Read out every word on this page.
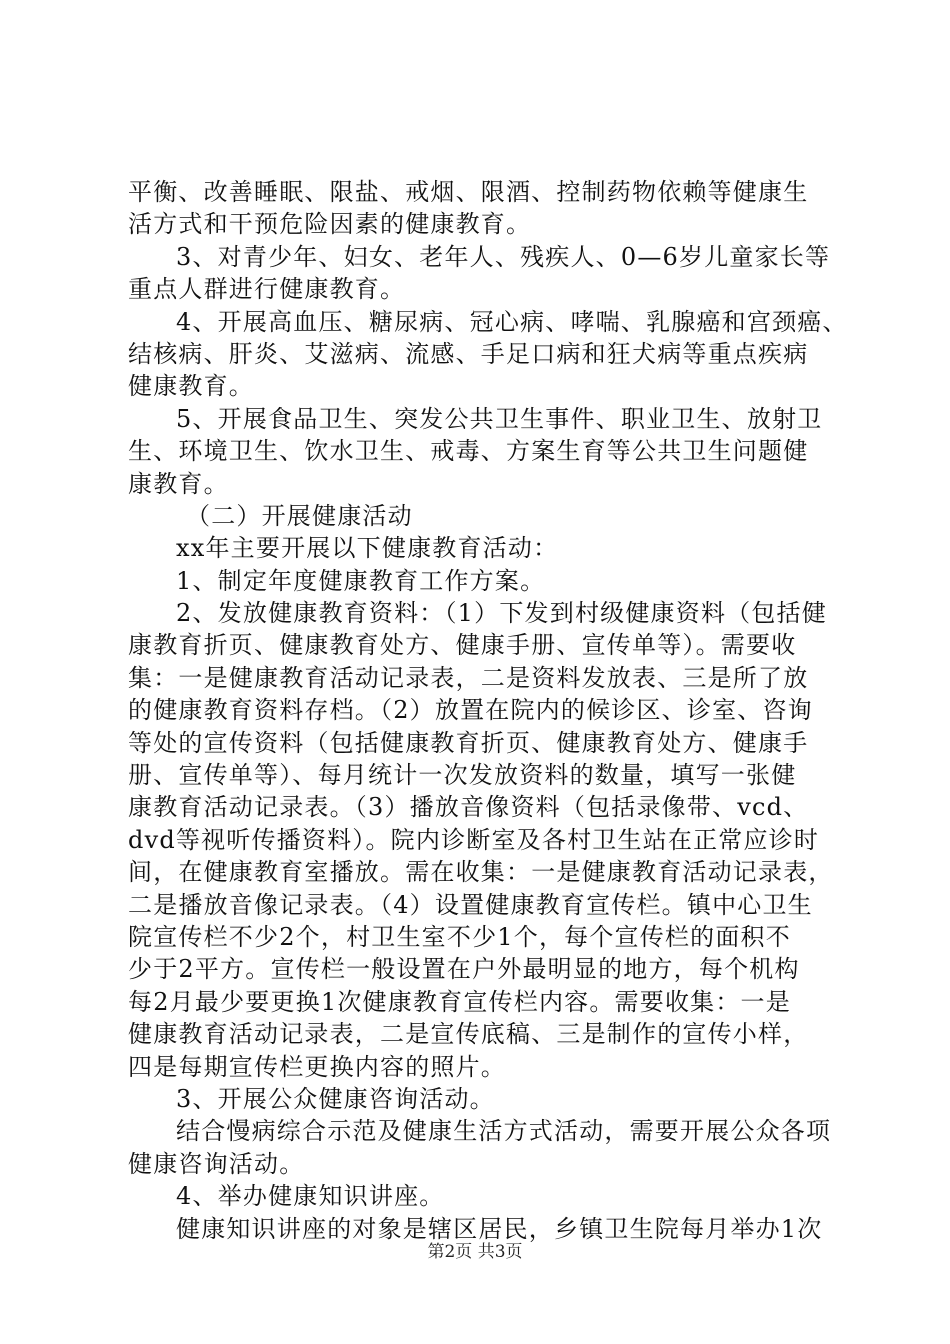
平衡、改善睡眠、限盐、戒烟、限酒、控制药物依赖等健康生
活方式和干预危险因素的健康教育。
3、对青少年、妇女、老年人、残疾人、0—6岁儿童家长等
重点人群进行健康教育。
4、开展高血压、糖尿病、冠心病、哮喘、乳腺癌和宫颈癌、
结核病、肝炎、艾滋病、流感、手足口病和狂犬病等重点疾病
健康教育。
5、开展食品卫生、突发公共卫生事件、职业卫生、放射卫
生、环境卫生、饮水卫生、戒毒、方案生育等公共卫生问题健
康教育。
（二）开展健康活动
xx年主要开展以下健康教育活动：
1、制定年度健康教育工作方案。
2、发放健康教育资料：（1）下发到村级健康资料（包括健
康教育折页、健康教育处方、健康手册、宣传单等）。需要收
集：一是健康教育活动记录表，二是资料发放表、三是所了放
的健康教育资料存档。（2）放置在院内的候诊区、诊室、咨询
等处的宣传资料（包括健康教育折页、健康教育处方、健康手
册、宣传单等）、每月统计一次发放资料的数量，填写一张健
康教育活动记录表。（3）播放音像资料（包括录像带、vcd、
dvd等视听传播资料）。院内诊断室及各村卫生站在正常应诊时
间，在健康教育室播放。需在收集：一是健康教育活动记录表，
二是播放音像记录表。（4）设置健康教育宣传栏。镇中心卫生
院宣传栏不少2个，村卫生室不少1个，每个宣传栏的面积不
少于2平方。宣传栏一般设置在户外最明显的地方，每个机构
每2月最少要更换1次健康教育宣传栏内容。需要收集：一是
健康教育活动记录表，二是宣传底稿、三是制作的宣传小样，
四是每期宣传栏更换内容的照片。
3、开展公众健康咨询活动。
结合慢病综合示范及健康生活方式活动，需要开展公众各项
健康咨询活动。
4、举办健康知识讲座。
健康知识讲座的对象是辖区居民，乡镇卫生院每月举办1次
第2页 共3页
